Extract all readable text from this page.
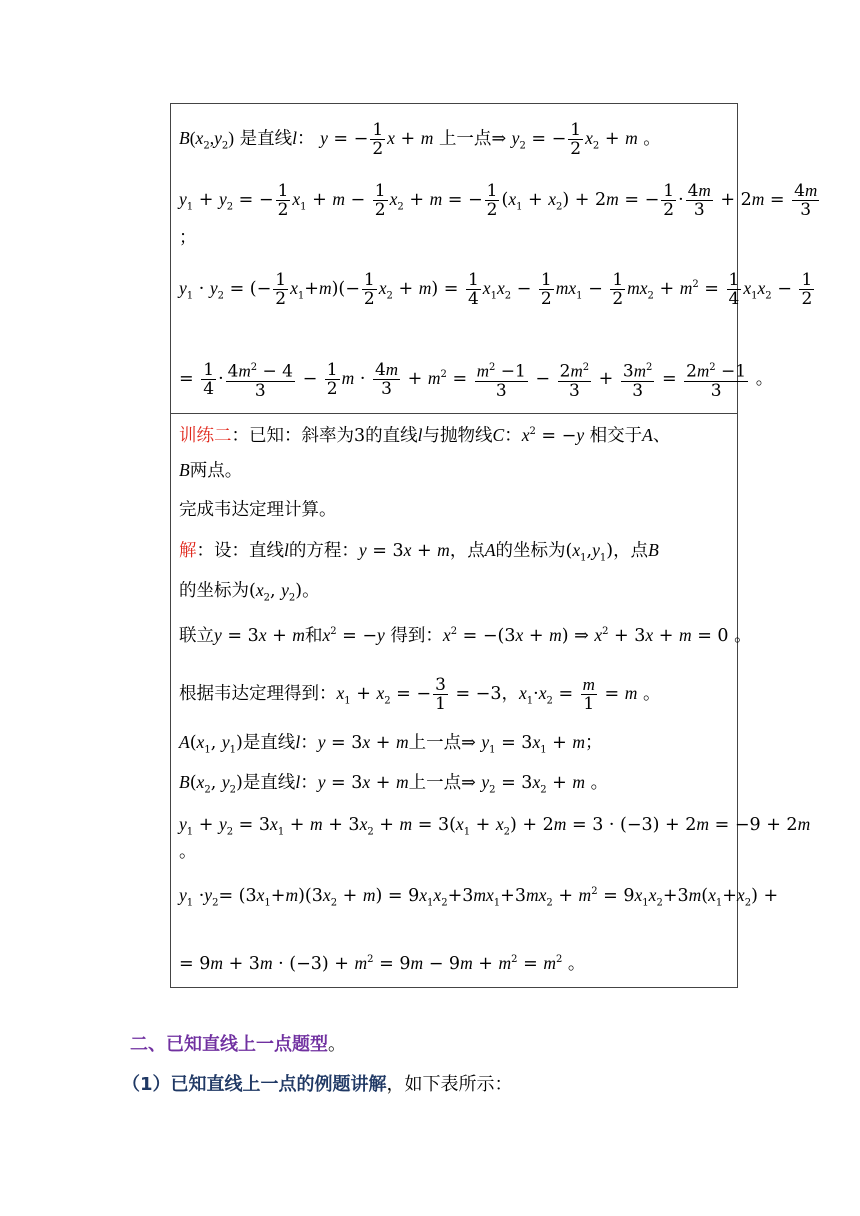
$B(x_2,y_2)$ 是直线l： y = − $\frac{1}{2}$ x + m 上一点⇒ $y_2$ = − $\frac{1}{2} x_2 + m$ 。
$y_1 + y_2$ = − $\frac{1}{2} x_1 + m - \frac{1}{2} x_2 + m$ = − $\frac{1}{2} (x_1 + x_2) + 2m$ = − $\frac{1}{2} \cdot \frac{4m}{3} + 2m = \frac{4m}{3}$
；
$y_1 \cdot y_2$ = (− $\frac{1}{2} x_1+m)(- \frac{1}{2} x_2 + m) = \frac{1}{4} x_1x_2 - \frac{1}{2} mx_1 - \frac{1}{2} mx_2 + m^2 = \frac{1}{4} x_1x_2 - \frac{1}{2}$
= $\frac{1}{4} \cdot \frac{4m^2 - 4}{3} - \frac{1}{2}$ $m \cdot \frac{4m}{3} + m^2 = \frac{m^2 -1}{3} - \frac{2m^2}{3} + \frac{3m^2}{3} = \frac{2m^2 -1}{3}$ 。
训练二：已知：斜率为3的直线l与抛物线C：$x^2 = -y$ 相交于A、
B两点。
完成韦达定理计算。
解：设：直线l的方程：y = 3x + m，点A的坐标为$(x_1,y_1)$，点B
的坐标为($x_2$, $y_2$)。
联立y = 3x + m和$x^2 = -y$ 得到：$x^2 = -(3x + m)$ ⇒ $x^2 + 3x + m = 0$ 。
根据韦达定理得到：$x_1 + x_2$ = − $\frac{3}{1} = -3$，$x_1\cdot x_2 = \frac{m}{1} = m$ 。
$A(x_1$, $y_1$)是直线l：y = 3x + m上一点⇒ $y_1 = 3x_1 + m$；
$B(x_2$, $y_2$)是直线l：y = 3x + m上一点⇒ $y_2 = 3x_2 + m$ 。
$y_1 + y_2 = 3x_1 + m + 3x_2 + m = 3(x_1 + x_2) + 2m = 3 \cdot (-3) + 2m = -9 + 2m$
。
$y_1 \cdot y_2= (3x_1+m)(3x_2 + m) = 9x_1x_2+3mx_1+3mx_2 + m^2 = 9x_1x_2+3m(x_1+x_2)$ +
= $9m + 3m \cdot (-3) + m^2 = 9m - 9m + m^2 = m^2$ 。
二、已知直线上一点题型。
（1）已知直线上一点的例题讲解，如下表所示：
